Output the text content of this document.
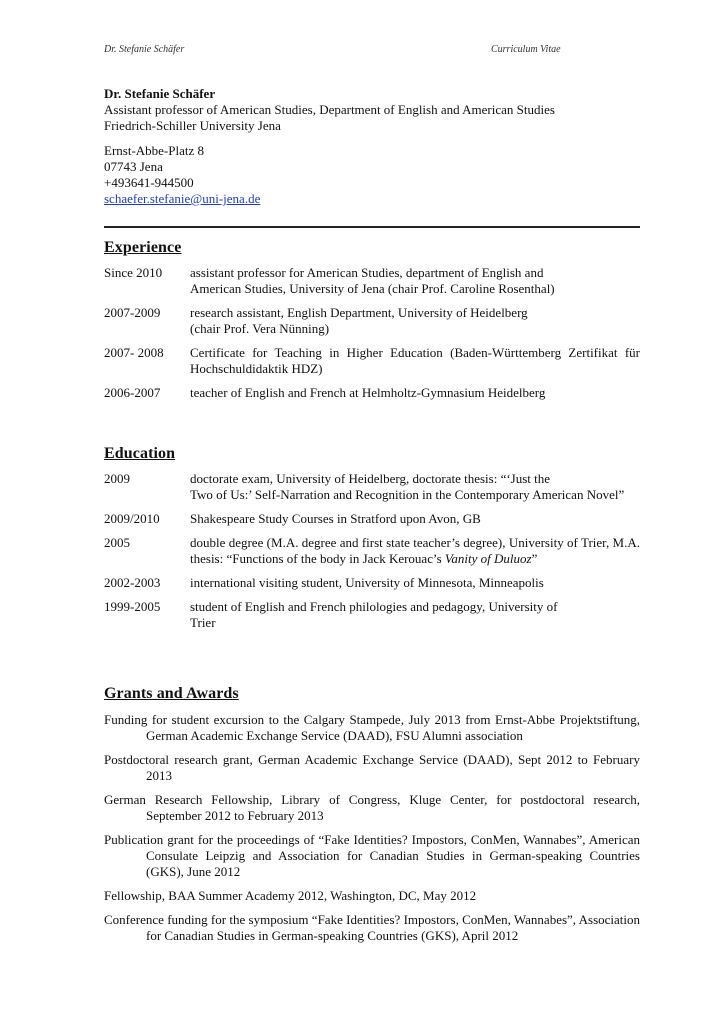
Dr. Stefanie Schäfer	Curriculum Vitae
Dr. Stefanie Schäfer
Assistant professor of American Studies, Department of English and American Studies
Friedrich-Schiller University Jena
Ernst-Abbe-Platz 8
07743 Jena
+493641-944500
schaefer.stefanie@uni-jena.de
Experience
Since 2010	assistant professor for American Studies, department of English and
American Studies, University of Jena (chair Prof. Caroline Rosenthal)
2007-2009	research assistant, English Department, University of Heidelberg
(chair Prof. Vera Nünning)
2007- 2008	Certificate for Teaching in Higher Education (Baden-Württemberg Zertifikat für Hochschuldidaktik HDZ)
2006-2007	teacher of English and French at Helmholtz-Gymnasium Heidelberg
Education
2009	doctorate exam, University of Heidelberg, doctorate thesis: “‘Just the
Two of Us:’ Self-Narration and Recognition in the Contemporary American Novel”
2009/2010	Shakespeare Study Courses in Stratford upon Avon, GB
2005	double degree (M.A. degree and first state teacher’s degree), University of Trier, M.A. thesis: “Functions of the body in Jack Kerouac’s Vanity of Duluoz”
2002-2003	international visiting student, University of Minnesota, Minneapolis
1999-2005	student of English and French philologies and pedagogy, University of
Trier
Grants and Awards
Funding for student excursion to the Calgary Stampede, July 2013 from Ernst-Abbe Projektstiftung, German Academic Exchange Service (DAAD), FSU Alumni association
Postdoctoral research grant, German Academic Exchange Service (DAAD), Sept 2012 to February 2013
German Research Fellowship, Library of Congress, Kluge Center, for postdoctoral research, September 2012 to February 2013
Publication grant for the proceedings of “Fake Identities? Impostors, ConMen, Wannabes”, American Consulate Leipzig and Association for Canadian Studies in German-speaking Countries (GKS), June 2012
Fellowship, BAA Summer Academy 2012, Washington, DC, May 2012
Conference funding for the symposium “Fake Identities? Impostors, ConMen, Wannabes”, Association for Canadian Studies in German-speaking Countries (GKS), April 2012
